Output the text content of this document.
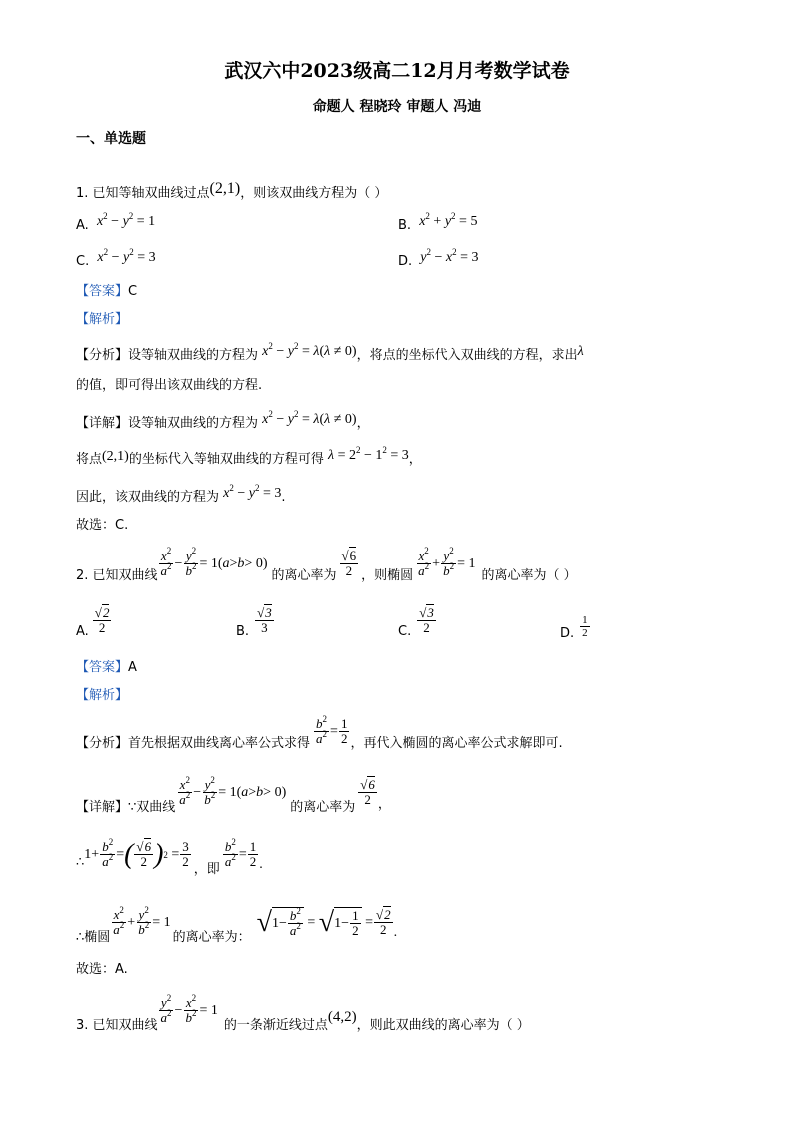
武汉六中2023级高二12月月考数学试卷
命题人 程晓玲 审题人 冯迪
一、单选题
1. 已知等轴双曲线过点(2,1)，则该双曲线方程为（ ）
A. $x^2 - y^2 = 1$	B. $x^2 + y^2 = 5$
C. $x^2 - y^2 = 3$	D. $y^2 - x^2 = 3$
【答案】C
【解析】
【分析】设等轴双曲线的方程为 $x^2 - y^2 = \lambda(\lambda \ne 0)$，将点的坐标代入双曲线的方程，求出λ
的值，即可得出该双曲线的方程.
【详解】设等轴双曲线的方程为 $x^2 - y^2 = \lambda(\lambda \ne 0)$，
将点(2,1)的坐标代入等轴双曲线的方程可得 $\lambda = 2^2 - 1^2 = 3$，
因此，该双曲线的方程为 $x^2 - y^2 = 3$.
故选：C.
2. 已知双曲线 $\frac{x^2}{a^2} - \frac{y^2}{b^2} = 1$( a > b > 0)
的离心率为 $\frac{√6}{2}$ ，则椭圆 $\frac{x^2}{a^2} + \frac{y^2}{b^2} = 1$
的离心率为（ ）
A. $\frac{√2}{2}$	B. $\frac{√3}{3}$	C. $\frac{√3}{2}$	D. $\frac{1}{2}$
【答案】A
【解析】
【分析】首先根据双曲线离心率公式求得 $\frac{b^2}{a^2} = \frac{1}{2}$ ，再代入椭圆的离心率公式求解即可.
【详解】∵双曲线
$\frac{x^2}{a^2} - \frac{y^2}{b^2} = 1$( a > b > 0)
的离心率为
$\frac{√6}{2}$ ，
∴ $1+ \frac{b^2}{a^2}$ = ( $\frac{√6}{2}$ ) $2 = \frac{3}{2}$
，即
$\frac{b^2}{a^2} = \frac{1}{2}$ .
∴椭圆
$\frac{x^2}{a^2} + \frac{y^2}{b^2} = 1$
的离心率为： √ $1- \frac{b^2}{a^2}$ = √ $1- \frac{1}{2} = \frac{√2}{2}$ .
故选：A.
3. 已知双曲线
$\frac{y^2}{a^2} - \frac{x^2}{b^2} = 1$
的一条渐近线过点
(4,2)
，则此双曲线的离心率为（ ）
